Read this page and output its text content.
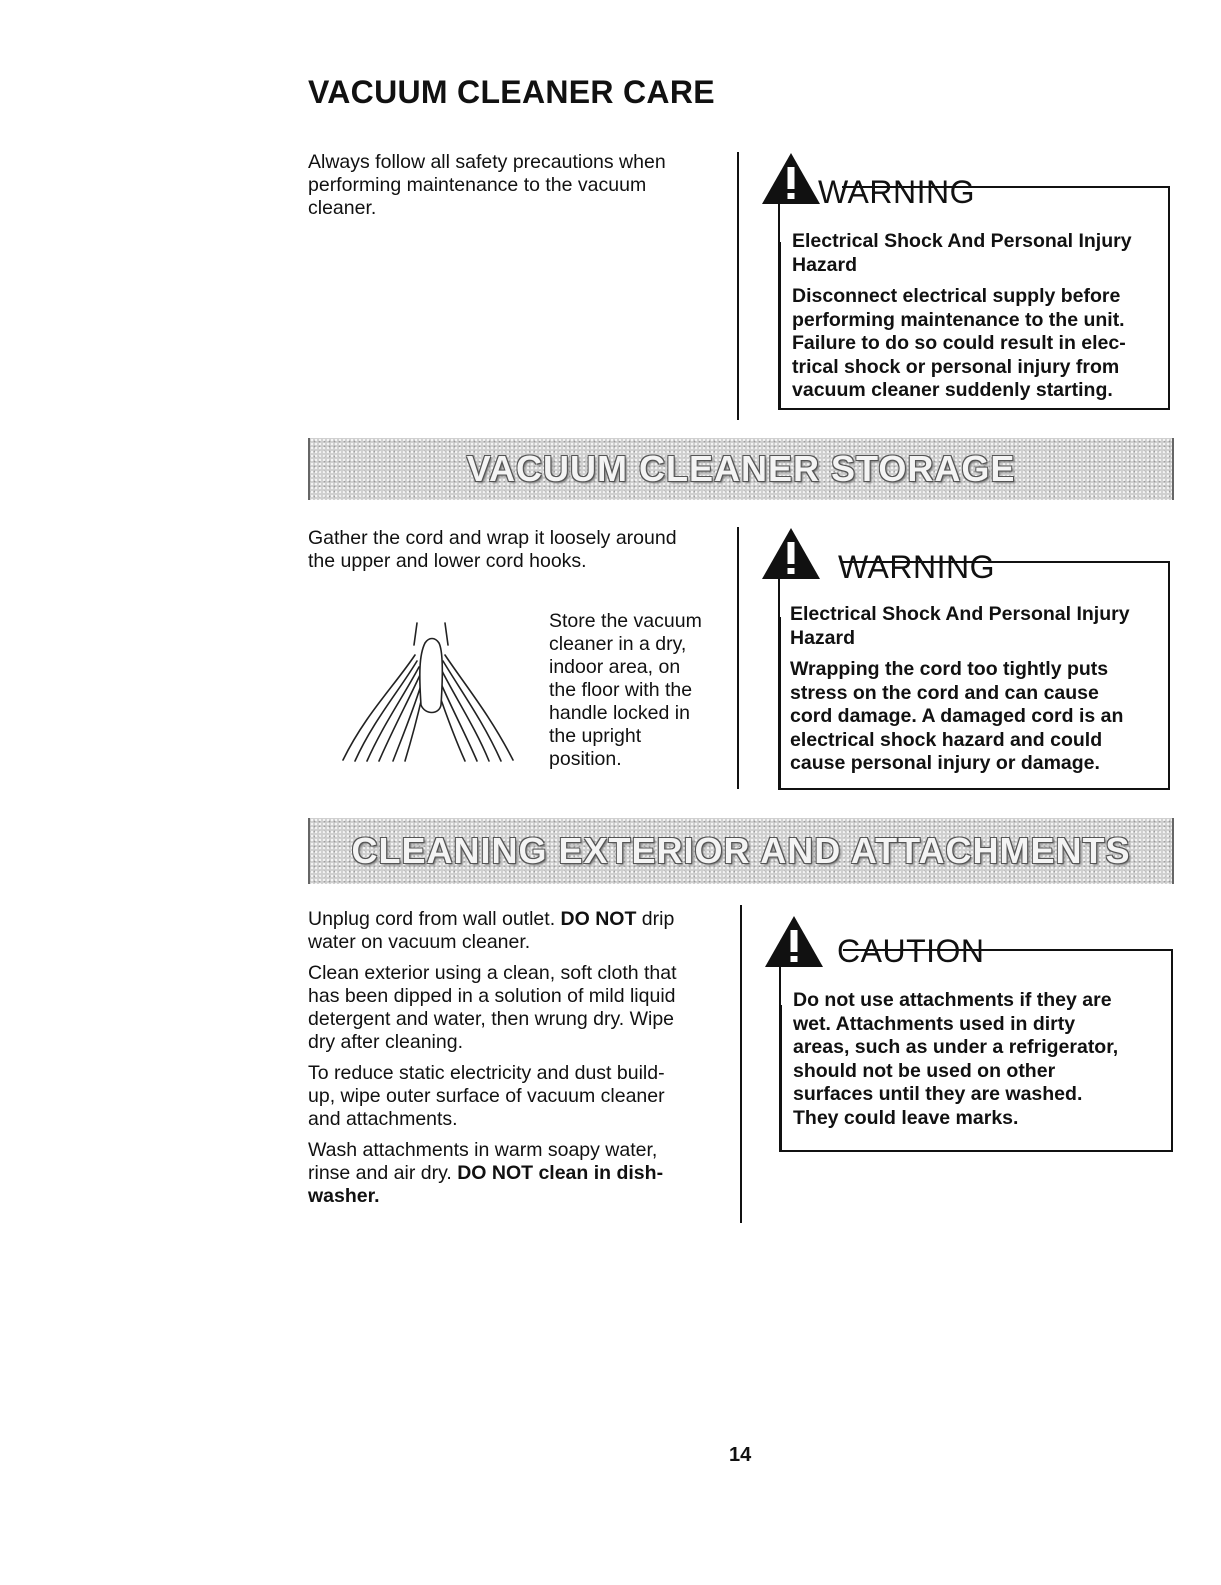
VACUUM CLEANER CARE
Always follow all safety precautions when
performing maintenance to the vacuum
cleaner.	WARNING

Electrical Shock And Personal Injury
Hazard

Disconnect electrical supply before
performing maintenance to the unit.
Failure to do so could result in elec-
trical shock or personal injury from
vacuum cleaner suddenly starting.

VACUUM CLEANER STORAGE
Gather the cord and wrap it loosely around
the upper and lower cord hooks.
Store the vacuum
cleaner in a dry,
indoor area, on
the floor with the
handle locked in
the upright
position.
WARNING

Electrical Shock And Personal Injury
Hazard

Wrapping the cord too tightly puts
stress on the cord and can cause
cord damage. A damaged cord is an
electrical shock hazard and could
cause personal injury or damage.

CLEANING EXTERIOR AND ATTACHMENTS
Unplug cord from wall outlet. DO NOT drip
water on vacuum cleaner.
Clean exterior using a clean, soft cloth that
has been dipped in a solution of mild liquid
detergent and water, then wrung dry. Wipe
dry after cleaning.
To reduce static electricity and dust build-
up, wipe outer surface of vacuum cleaner
and attachments.
Wash attachments in warm soapy water,
rinse and air dry. DO NOT clean in dish-
washer.
CAUTION
Do not use attachments if they are
wet. Attachments used in dirty
areas, such as under a refrigerator,
should not be used on other
surfaces until they are washed.
They could leave marks.
14
